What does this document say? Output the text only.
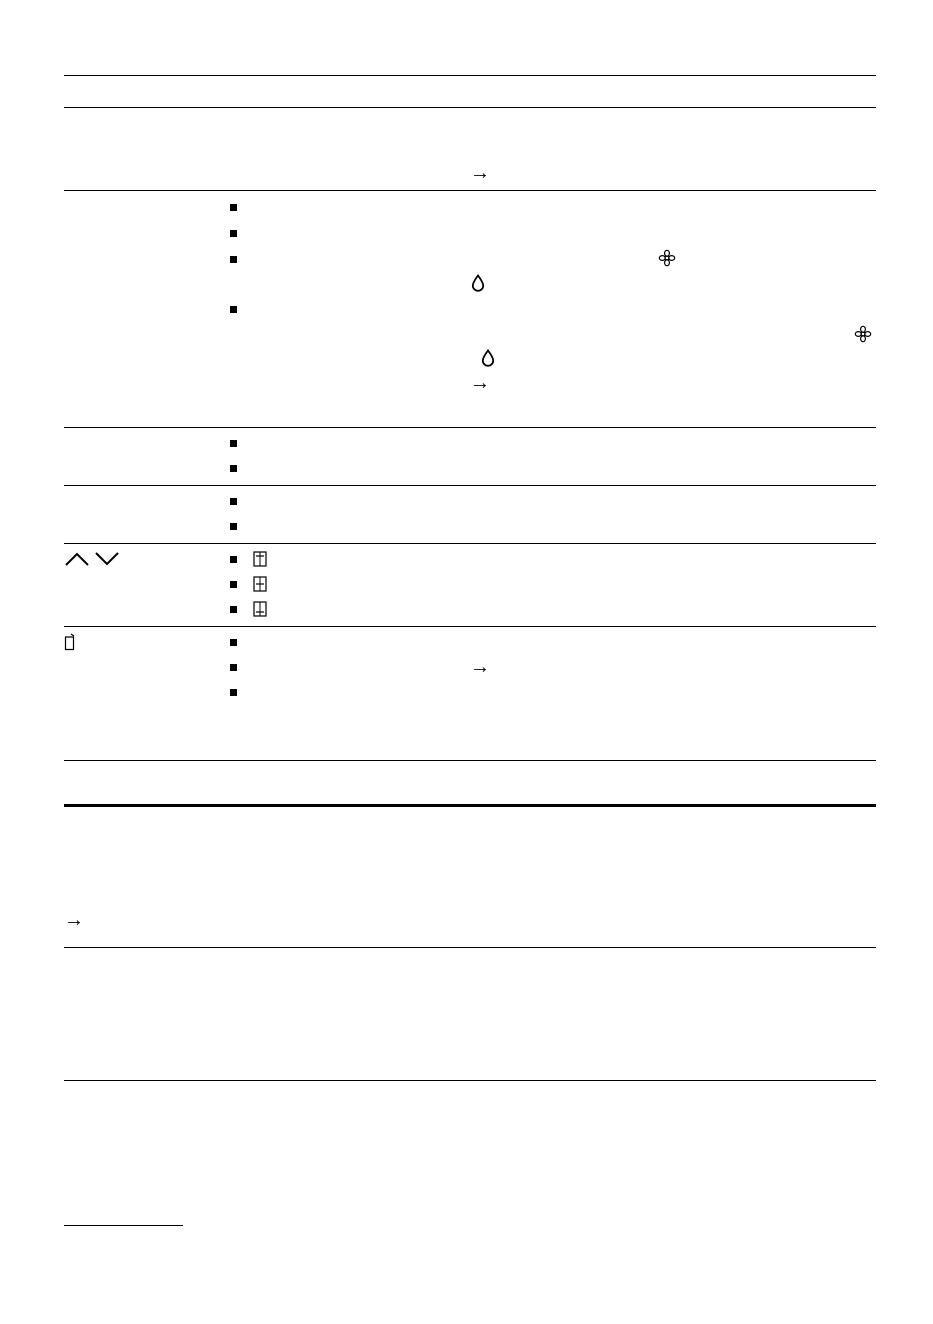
→
→
→
→
